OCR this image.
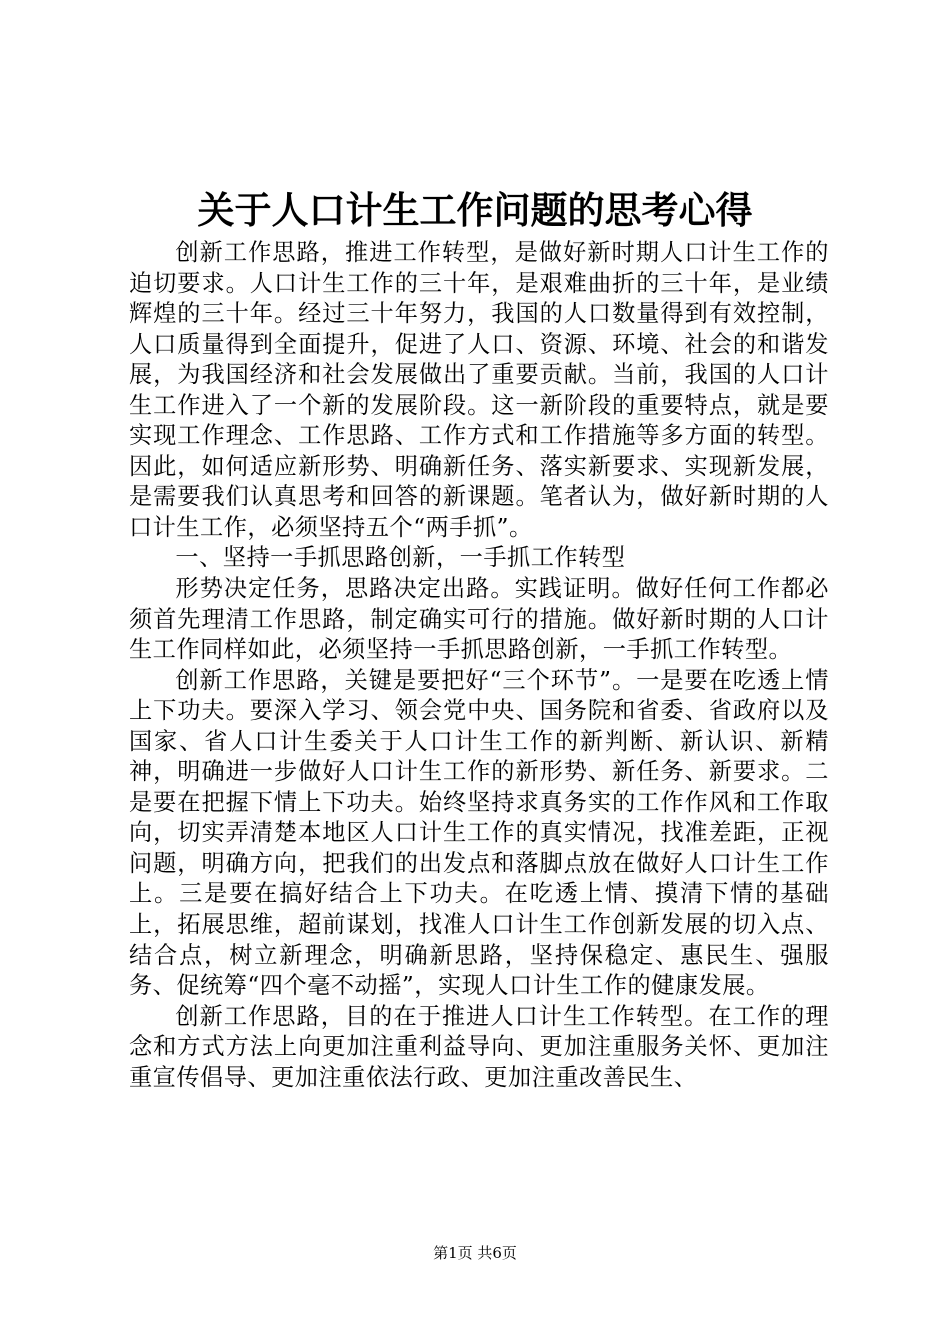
关于人口计生工作问题的思考心得

创新工作思路，推进工作转型，是做好新时期人口计生工作的迫切要求。人口计生工作的三十年，是艰难曲折的三十年，是业绩辉煌的三十年。经过三十年努力，我国的人口数量得到有效控制，人口质量得到全面提升，促进了人口、资源、环境、社会的和谐发展，为我国经济和社会发展做出了重要贡献。当前，我国的人口计生工作进入了一个新的发展阶段。这一新阶段的重要特点，就是要实现工作理念、工作思路、工作方式和工作措施等多方面的转型。因此，如何适应新形势、明确新任务、落实新要求、实现新发展，是需要我们认真思考和回答的新课题。笔者认为，做好新时期的人口计生工作，必须坚持五个“两手抓”。

一、坚持一手抓思路创新，一手抓工作转型

形势决定任务，思路决定出路。实践证明。做好任何工作都必须首先理清工作思路，制定确实可行的措施。做好新时期的人口计生工作同样如此，必须坚持一手抓思路创新，一手抓工作转型。

创新工作思路，关键是要把好“三个环节”。一是要在吃透上情上下功夫。要深入学习、领会党中央、国务院和省委、省政府以及国家、省人口计生委关于人口计生工作的新判断、新认识、新精神，明确进一步做好人口计生工作的新形势、新任务、新要求。二是要在把握下情上下功夫。始终坚持求真务实的工作作风和工作取向，切实弄清楚本地区人口计生工作的真实情况，找准差距，正视问题，明确方向，把我们的出发点和落脚点放在做好人口计生工作上。三是要在搞好结合上下功夫。在吃透上情、摸清下情的基础上，拓展思维，超前谋划，找准人口计生工作创新发展的切入点、结合点，树立新理念，明确新思路，坚持保稳定、惠民生、强服务、促统筹“四个毫不动摇”，实现人口计生工作的健康发展。

创新工作思路，目的在于推进人口计生工作转型。在工作的理念和方式方法上向更加注重利益导向、更加注重服务关怀、更加注重宣传倡导、更加注重依法行政、更加注重改善民生、

第1页 共6页
